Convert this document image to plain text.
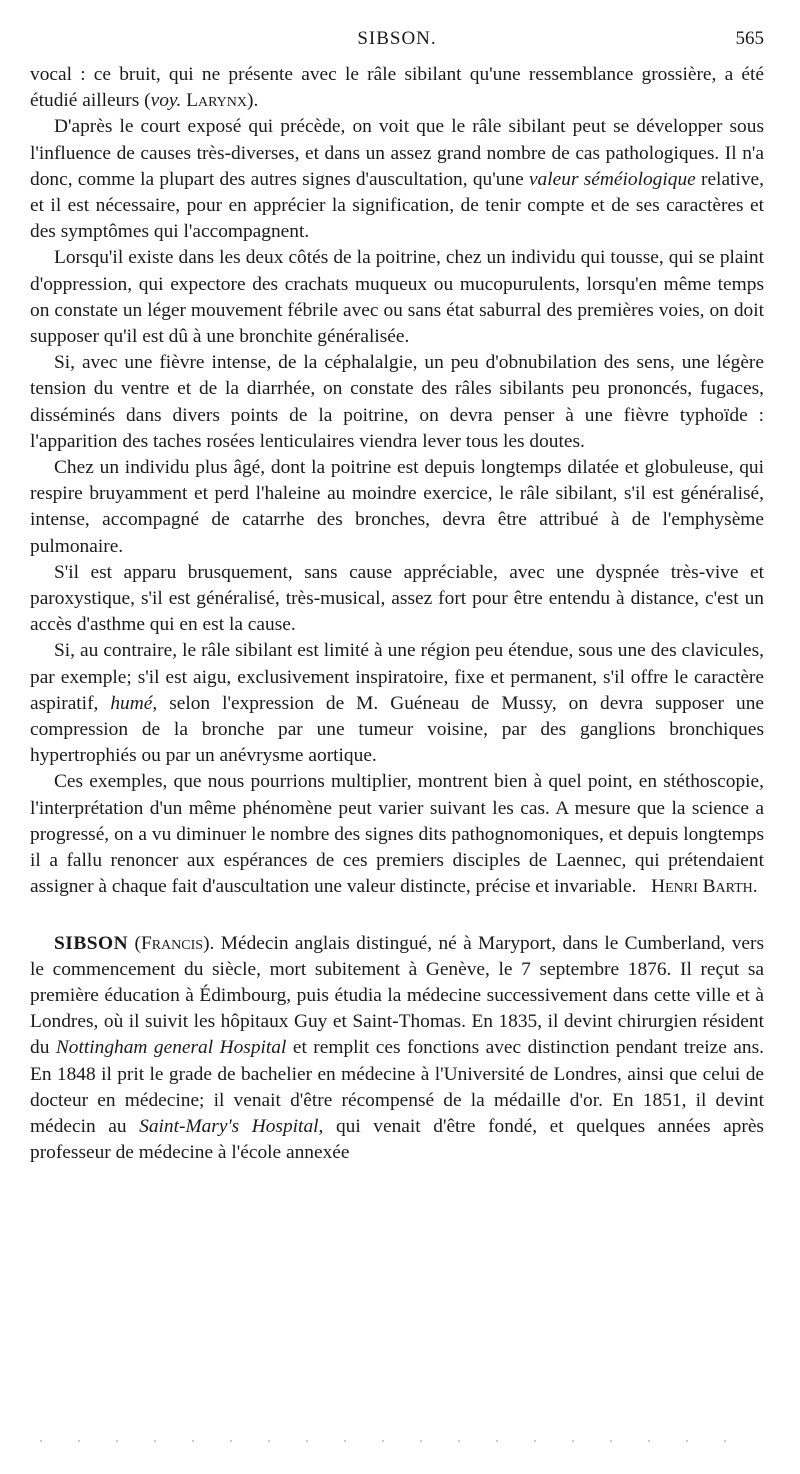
SIBSON.	565

vocal : ce bruit, qui ne présente avec le râle sibilant qu'une ressemblance grossière, a été étudié ailleurs (voy. Larynx).

D'après le court exposé qui précède, on voit que le râle sibilant peut se développer sous l'influence de causes très-diverses, et dans un assez grand nombre de cas pathologiques. Il n'a donc, comme la plupart des autres signes d'auscultation, qu'une valeur séméiologique relative, et il est nécessaire, pour en apprécier la signification, de tenir compte et de ses caractères et des symptômes qui l'accompagnent.

Lorsqu'il existe dans les deux côtés de la poitrine, chez un individu qui tousse, qui se plaint d'oppression, qui expectore des crachats muqueux ou mucopurulents, lorsqu'en même temps on constate un léger mouvement fébrile avec ou sans état saburral des premières voies, on doit supposer qu'il est dû à une bronchite généralisée.

Si, avec une fièvre intense, de la céphalalgie, un peu d'obnubilation des sens, une légère tension du ventre et de la diarrhée, on constate des râles sibilants peu prononcés, fugaces, disséminés dans divers points de la poitrine, on devra penser à une fièvre typhoïde : l'apparition des taches rosées lenticulaires viendra lever tous les doutes.

Chez un individu plus âgé, dont la poitrine est depuis longtemps dilatée et globuleuse, qui respire bruyamment et perd l'haleine au moindre exercice, le râle sibilant, s'il est généralisé, intense, accompagné de catarrhe des bronches, devra être attribué à de l'emphysème pulmonaire.

S'il est apparu brusquement, sans cause appréciable, avec une dyspnée très-vive et paroxystique, s'il est généralisé, très-musical, assez fort pour être entendu à distance, c'est un accès d'asthme qui en est la cause.

Si, au contraire, le râle sibilant est limité à une région peu étendue, sous une des clavicules, par exemple; s'il est aigu, exclusivement inspiratoire, fixe et permanent, s'il offre le caractère aspiratif, humé, selon l'expression de M. Guéneau de Mussy, on devra supposer une compression de la bronche par une tumeur voisine, par des ganglions bronchiques hypertrophiés ou par un anévrysme aortique.

Ces exemples, que nous pourrions multiplier, montrent bien à quel point, en stéthoscopie, l'interprétation d'un même phénomène peut varier suivant les cas. A mesure que la science a progressé, on a vu diminuer le nombre des signes dits pathognomoniques, et depuis longtemps il a fallu renoncer aux espérances de ces premiers disciples de Laennec, qui prétendaient assigner à chaque fait d'auscultation une valeur distincte, précise et invariable. Henri Barth.

SIBSON (Francis). Médecin anglais distingué, né à Maryport, dans le Cumberland, vers le commencement du siècle, mort subitement à Genève, le 7 septembre 1876. Il reçut sa première éducation à Édimbourg, puis étudia la médecine successivement dans cette ville et à Londres, où il suivit les hôpitaux Guy et Saint-Thomas. En 1835, il devint chirurgien résident du Nottingham general Hospital et remplit ces fonctions avec distinction pendant treize ans. En 1848 il prit le grade de bachelier en médecine à l'Université de Londres, ainsi que celui de docteur en médecine; il venait d'être récompensé de la médaille d'or. En 1851, il devint médecin au Saint-Mary's Hospital, qui venait d'être fondé, et quelques années après professeur de médecine à l'école annexée
